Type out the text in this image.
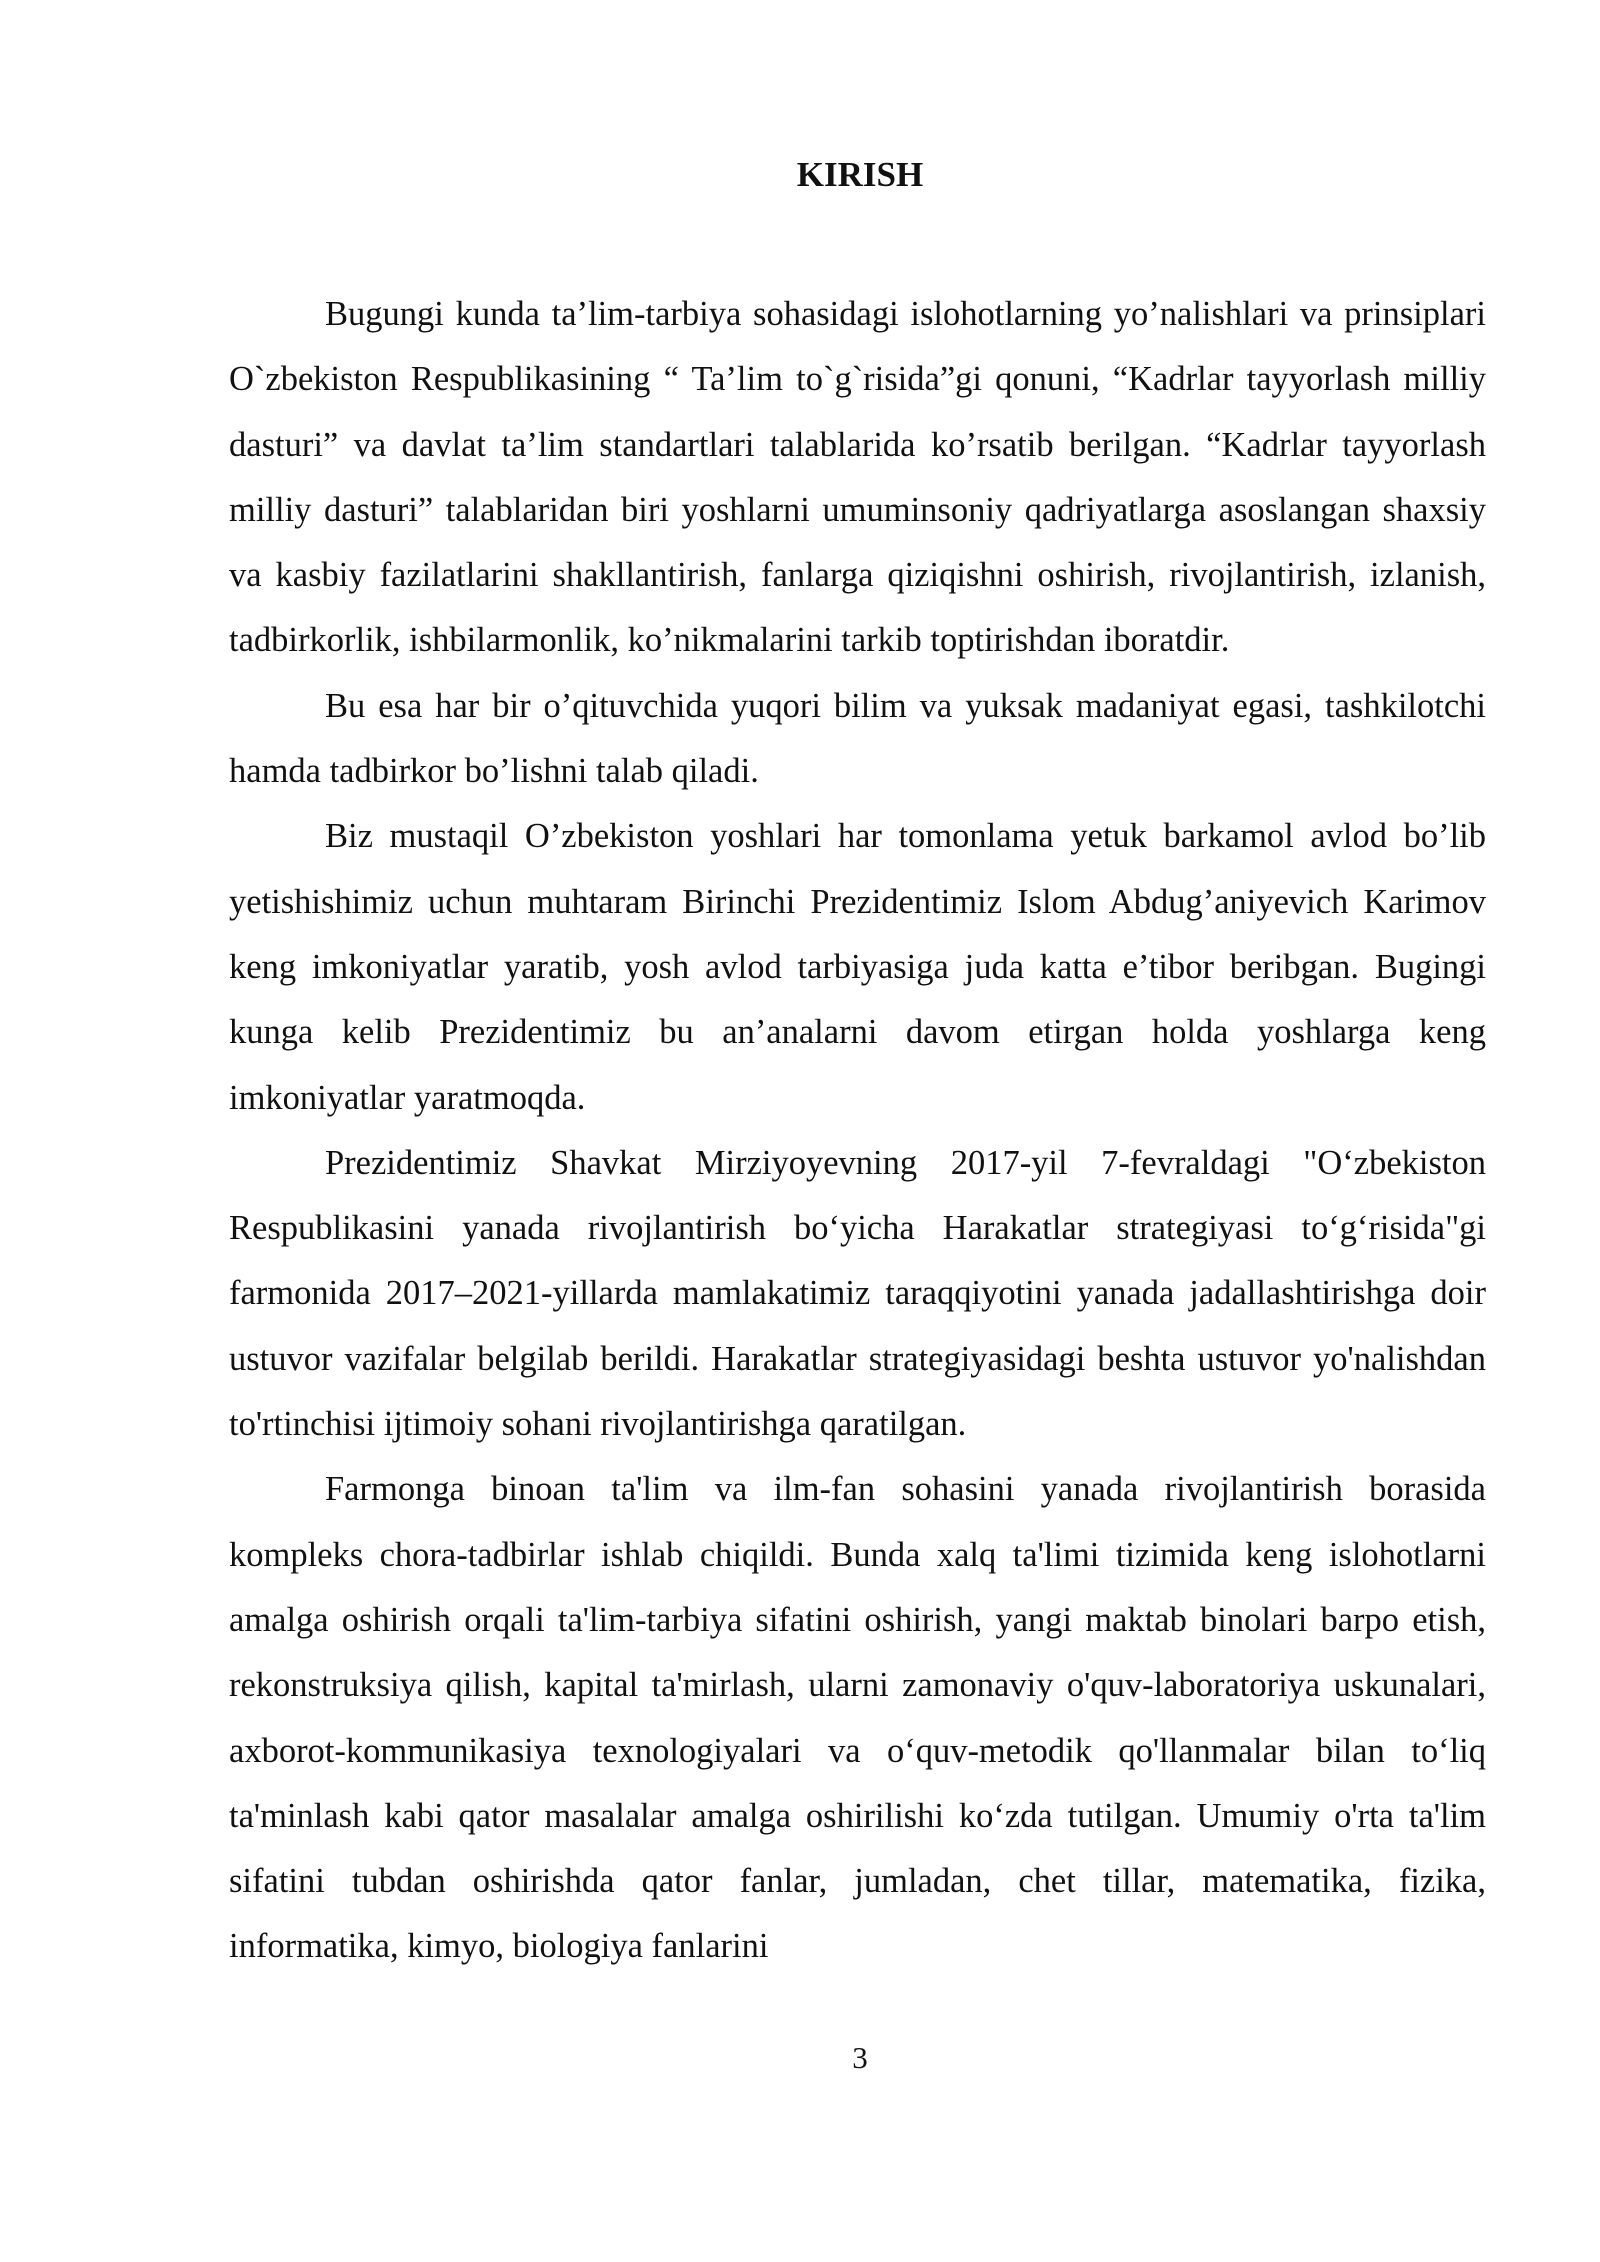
KIRISH

Bugungi kunda ta’lim-tarbiya sohasidagi islohotlarning yo’nalishlari va prinsiplari O`zbekiston Respublikasining “ Ta’lim to`g`risida”gi qonuni, “Kadrlar tayyorlash milliy dasturi” va davlat ta’lim standartlari talablarida ko’rsatib berilgan. “Kadrlar tayyorlash milliy dasturi” talablaridan biri yoshlarni umuminsoniy qadriyatlarga asoslangan shaxsiy va kasbiy fazilatlarini shakllantirish, fanlarga qiziqishni oshirish, rivojlantirish, izlanish, tadbirkorlik, ishbilarmonlik, ko’nikmalarini tarkib toptirishdan iboratdir.

Bu esa har bir o’qituvchida yuqori bilim va yuksak madaniyat egasi, tashkilotchi hamda tadbirkor bo’lishni talab qiladi.

Biz mustaqil O’zbekiston yoshlari har tomonlama yetuk barkamol avlod bo’lib yetishishimiz uchun muhtaram Birinchi Prezidentimiz Islom Abdug’aniyevich Karimov keng imkoniyatlar yaratib, yosh avlod tarbiyasiga juda katta e’tibor beribgan. Bugingi kunga kelib Prezidentimiz bu an’analarni davom etirgan holda yoshlarga keng imkoniyatlar yaratmoqda.

Prezidentimiz Shavkat Mirziyoyevning 2017-yil 7-fevraldagi "O‘zbekiston Respublikasini yanada rivojlantirish bo‘yicha Harakatlar strategiyasi to‘g‘risida"gi farmonida 2017–2021-yillarda mamlakatimiz taraqqiyotini yanada jadallashtirishga doir ustuvor vazifalar belgilab berildi. Harakatlar strategiyasidagi beshta ustuvor yo'nalishdan to'rtinchisi ijtimoiy sohani rivojlantirishga qaratilgan.

Farmonga binoan ta'lim va ilm-fan sohasini yanada rivojlantirish borasida kompleks chora-tadbirlar ishlab chiqildi. Bunda xalq ta'limi tizimida keng islohotlarni amalga oshirish orqali ta'lim-tarbiya sifatini oshirish, yangi maktab binolari barpo etish, rekonstruksiya qilish, kapital ta'mirlash, ularni zamonaviy o'quv-laboratoriya uskunalari, axborot-kommunikasiya texnologiyalari va o‘quv-metodik qo'llanmalar bilan to‘liq ta'minlash kabi qator masalalar amalga oshirilishi ko‘zda tutilgan. Umumiy o'rta ta'lim sifatini tubdan oshirishda qator fanlar, jumladan, chet tillar, matematika, fizika, informatika, kimyo, biologiya fanlarini

3
